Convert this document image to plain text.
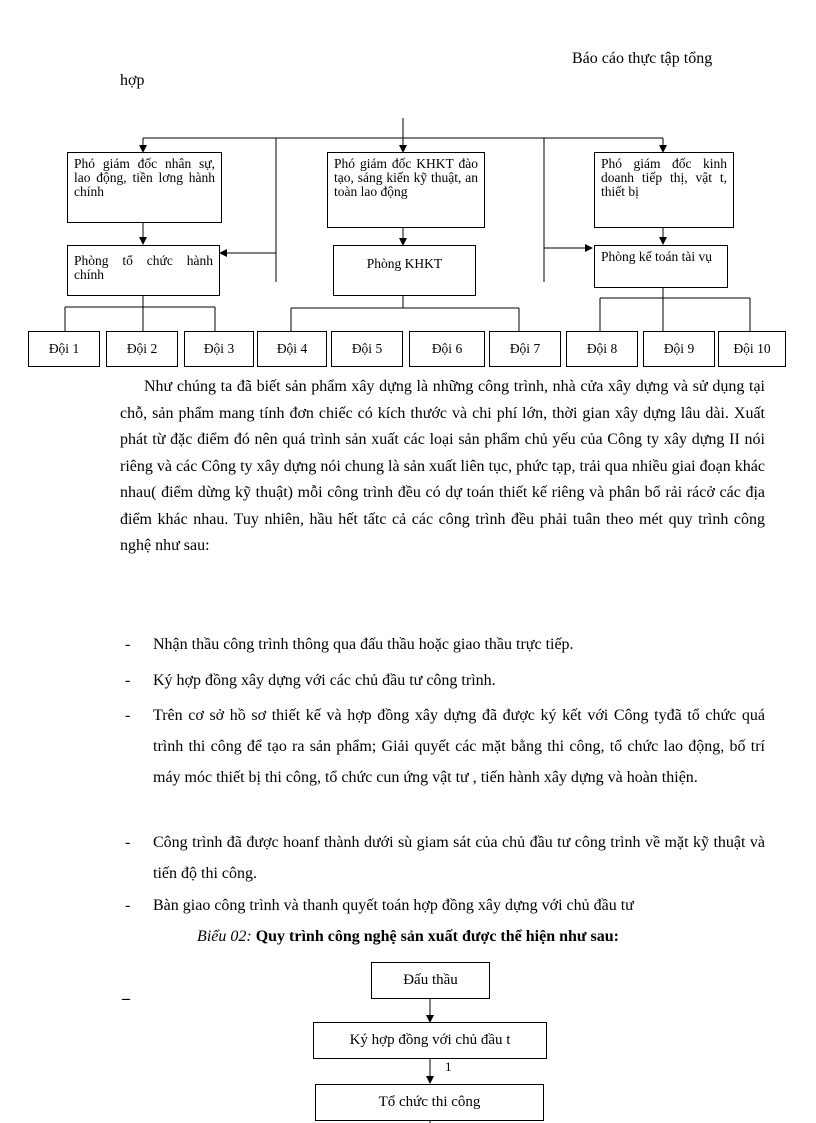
Báo cáo thực tập tổng
hợp
Phó giám đốc nhân sự, lao động, tiền lơng hành chính
Phó giám đốc KHKT đào tạo, sáng kiến kỹ thuật, an toàn lao động
Phó giám đốc kinh doanh tiếp thị, vật t, thiết bị
Phòng tổ chức hành chính
Phòng KHKT	Phòng kế toán tài vụ
Đội 1	Đội 2	Đội 3	Đội 4	Đội 5	Đội 6	Đội 7	Đội 8	Đội 9	Đội 10
Như chúng ta đã biết sản phẩm xây dựng là những công trình, nhà cửa xây dựng và sử dụng tại chỗ, sản phẩm mang tính đơn chiếc có kích thước và chi phí lớn, thời gian xây dựng lâu dài. Xuất phát từ đặc điểm đó nên quá trình sản xuất các loại sản phẩm chủ yếu của Công ty xây dựng II nói riêng và các Công ty xây dựng nói chung là sản xuất liên tục, phức tạp, trải qua nhiều giai đoạn khác nhau( điểm dừng kỹ thuật) mỗi công trình đều có dự toán thiết kế riêng và phân bổ rải rácở các địa điểm khác nhau. Tuy nhiên, hầu hết tấtc cả các công trình đều phải tuân theo mét quy trình công nghệ như sau:
- Nhận thầu công trình thông qua đấu thầu hoặc giao thầu trực tiếp.
- Ký hợp đồng xây dựng với các chủ đầu tư công trình.
- Trên cơ sở hồ sơ thiết kế và hợp đồng xây dựng đã được ký kết với Công tyđã tổ chức quá trình thi công để tạo ra sản phẩm; Giải quyết các mặt bằng thi công, tổ chức lao động, bố trí máy móc thiết bị thi công, tổ chức cun ứng vật tư , tiến hành xây dựng và hoàn thiện.
- Công trình đã được hoanf thành dưới sù giam sát của chủ đầu tư công trình về mặt kỹ thuật và tiến độ thi công.
- Bàn giao công trình và thanh quyết toán hợp đồng xây dựng với chủ đầu tư
Biểu 02: Quy trình công nghệ sản xuất được thể hiện như sau:
_
Đấu thầu
Ký hợp đồng với chủ đầu t
1
Tổ chức thi công
